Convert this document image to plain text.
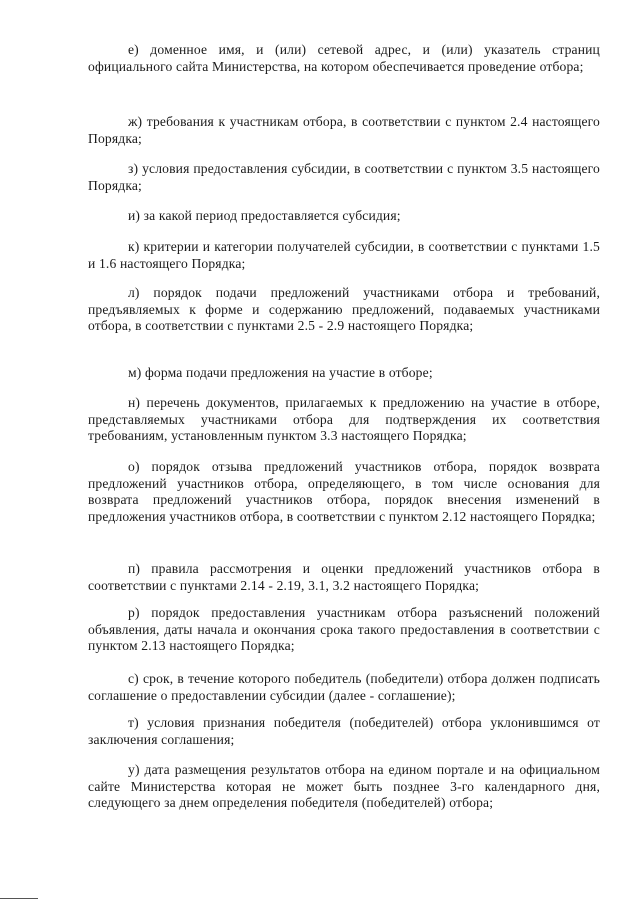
е) доменное имя, и (или) сетевой адрес, и (или) указатель страниц официального сайта Министерства, на котором обеспечивается проведение отбора;

ж) требования к участникам отбора, в соответствии с пунктом 2.4 настоящего Порядка;

з) условия предоставления субсидии, в соответствии с пунктом 3.5 настоящего Порядка;

и) за какой период предоставляется субсидия;

к) критерии и категории получателей субсидии, в соответствии с пунктами 1.5 и 1.6 настоящего Порядка;

л) порядок подачи предложений участниками отбора и требований, предъявляемых к форме и содержанию предложений, подаваемых участниками отбора, в соответствии с пунктами 2.5 - 2.9 настоящего Порядка;

м) форма подачи предложения на участие в отборе;

н) перечень документов, прилагаемых к предложению на участие в отборе, представляемых участниками отбора для подтверждения их соответствия требованиям, установленным пунктом 3.3 настоящего Порядка;

о) порядок отзыва предложений участников отбора, порядок возврата предложений участников отбора, определяющего, в том числе основания для возврата предложений участников отбора, порядок внесения изменений в предложения участников отбора, в соответствии с пунктом 2.12 настоящего Порядка;

п) правила рассмотрения и оценки предложений участников отбора в соответствии с пунктами 2.14 - 2.19, 3.1, 3.2 настоящего Порядка;

р) порядок предоставления участникам отбора разъяснений положений объявления, даты начала и окончания срока такого предоставления в соответствии с пунктом 2.13 настоящего Порядка;

с) срок, в течение которого победитель (победители) отбора должен подписать соглашение о предоставлении субсидии (далее - соглашение);

т) условия признания победителя (победителей) отбора уклонившимся от заключения соглашения;

у) дата размещения результатов отбора на едином портале и на официальном сайте Министерства которая не может быть позднее 3-го календарного дня, следующего за днем определения победителя (победителей) отбора;
